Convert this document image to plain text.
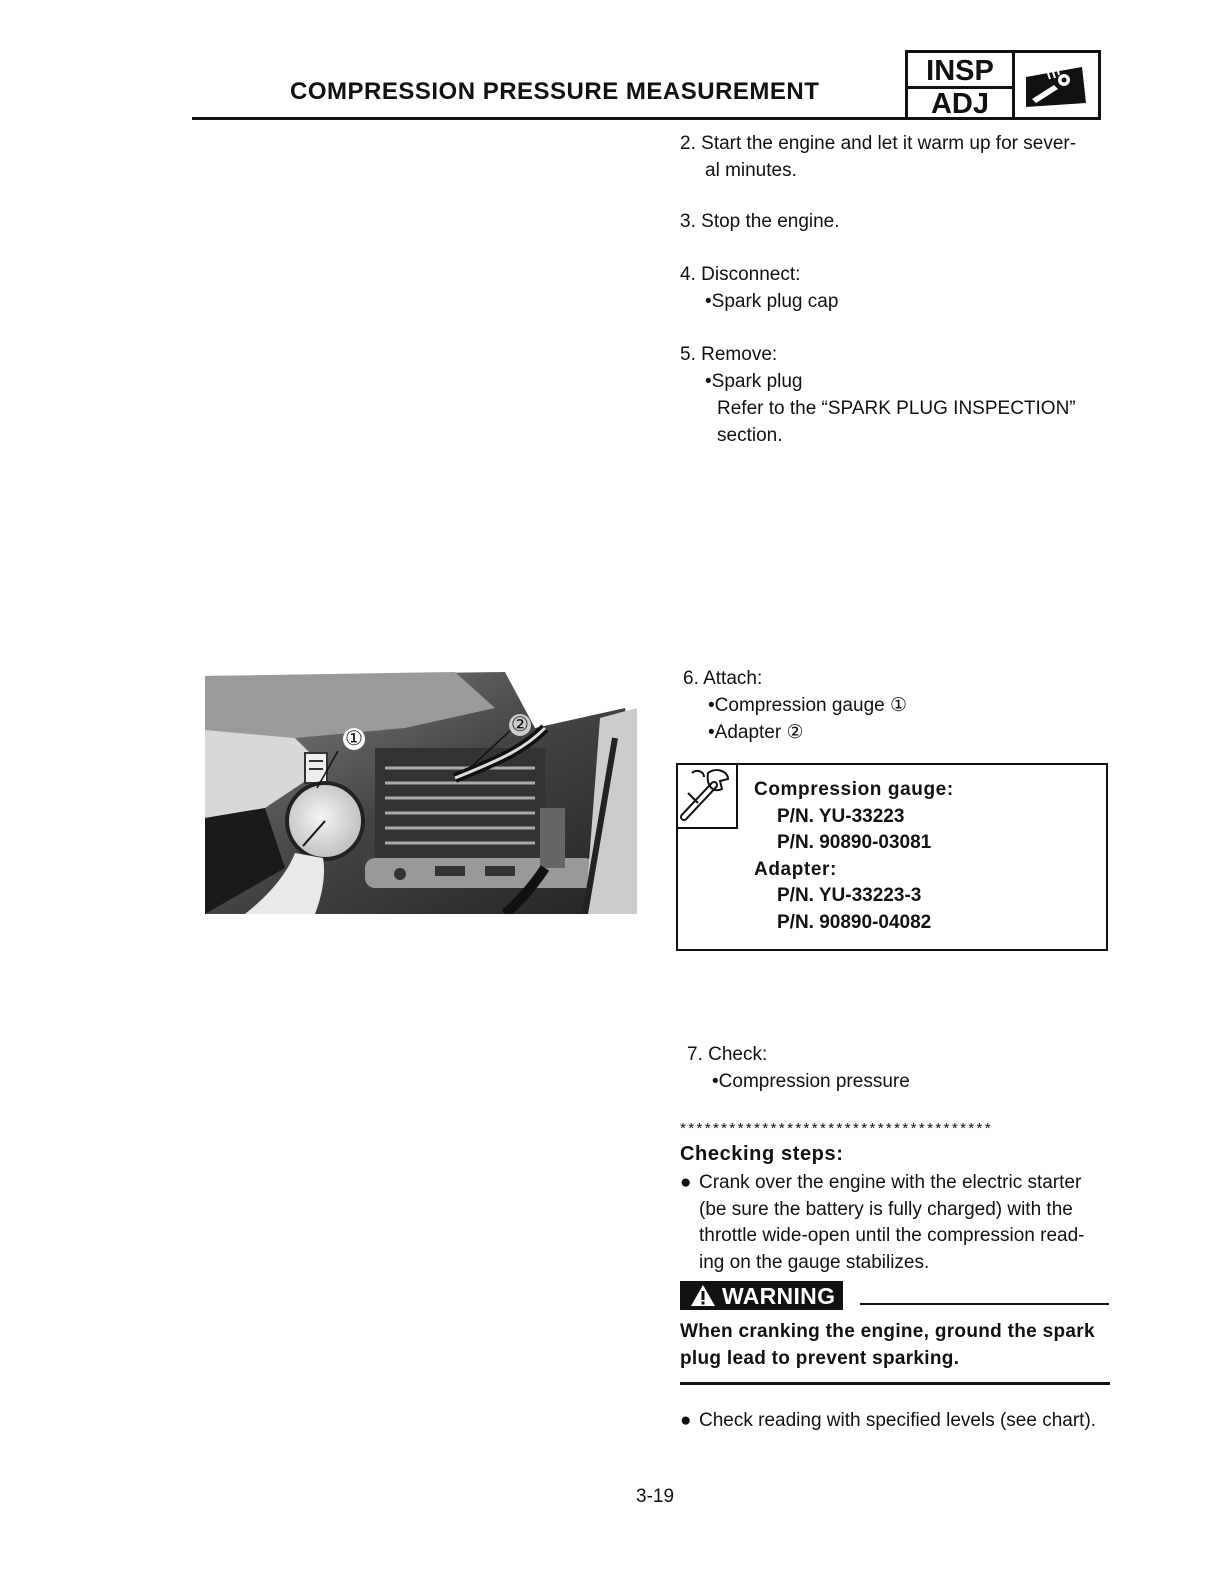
COMPRESSION PRESSURE MEASUREMENT
INSP
ADJ
2. Start the engine and let it warm up for sever-
al minutes.
3. Stop the engine.
4. Disconnect:
• Spark plug cap
5. Remove:
• Spark plug
Refer to the “SPARK PLUG INSPECTION”
section.
6. Attach:
• Compression gauge ①
• Adapter ②
①
②
Compression gauge:
P/N. YU-33223
P/N. 90890-03081
Adapter:
P/N. YU-33223-3
P/N. 90890-04082
7. Check:
• Compression pressure
**************************************
Checking steps:
● Crank over the engine with the electric starter
(be sure the battery is fully charged) with the
throttle wide-open until the compression read-
ing on the gauge stabilizes.
WARNING
When cranking the engine, ground the spark
plug lead to prevent sparking.
● Check reading with specified levels (see chart).
3-19
